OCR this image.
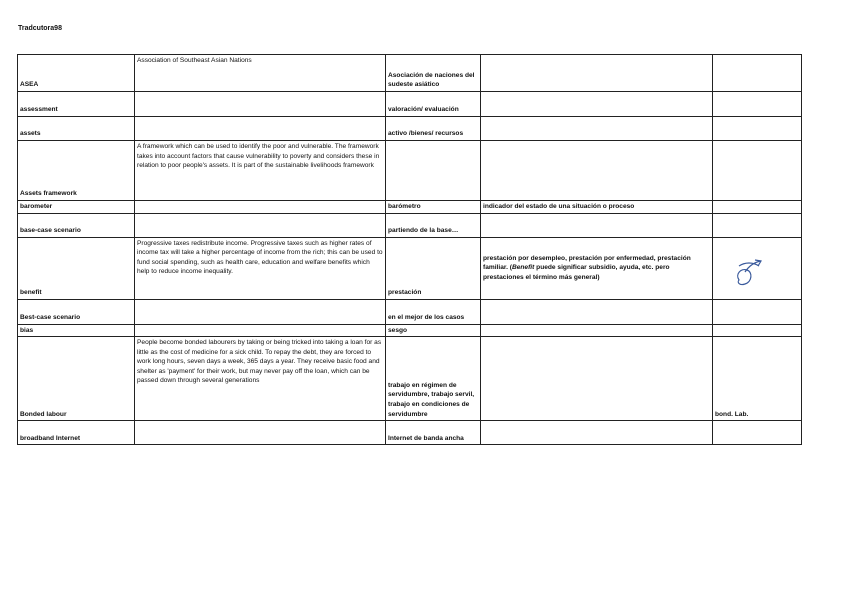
Tradcutora98
ASEA	Association of Southeast Asian Nations	Asociación de naciones del sudeste asiático		
assessment		valoración/ evaluación		
assets		activo /bienes/ recursos		
Assets framework	A framework which can be used to identify the poor and vulnerable. The framework takes into account factors that cause vulnerability to poverty and considers these in relation to poor people's assets. It is part of the sustainable livelihoods framework			
barometer		barómetro	indicador del estado de una situación o proceso	
base-case scenario		partiendo de la base…		
benefit	Progressive taxes redistribute income. Progressive taxes such as higher rates of income tax will take a higher percentage of income from the rich; this can be used to fund social spending, such as health care, education and welfare benefits which help to reduce income inequality.	prestación	prestación por desempleo, prestación por enfermedad, prestación familiar. (Benefit puede significar subsidio, ayuda, etc. pero prestaciones el término más general)	

Best-case scenario		en el mejor de los casos		
bias		sesgo		
Bonded labour	People become bonded labourers by taking or being tricked into taking a loan for as little as the cost of medicine for a sick child. To repay the debt, they are forced to work long hours, seven days a week, 365 days a year. They receive basic food and shelter as 'payment' for their work, but may never pay off the loan, which can be passed down through several generations	trabajo en régimen de servidumbre, trabajo servil, trabajo en condiciones de servidumbre		bond. Lab.
broadband Internet		Internet de banda ancha		
